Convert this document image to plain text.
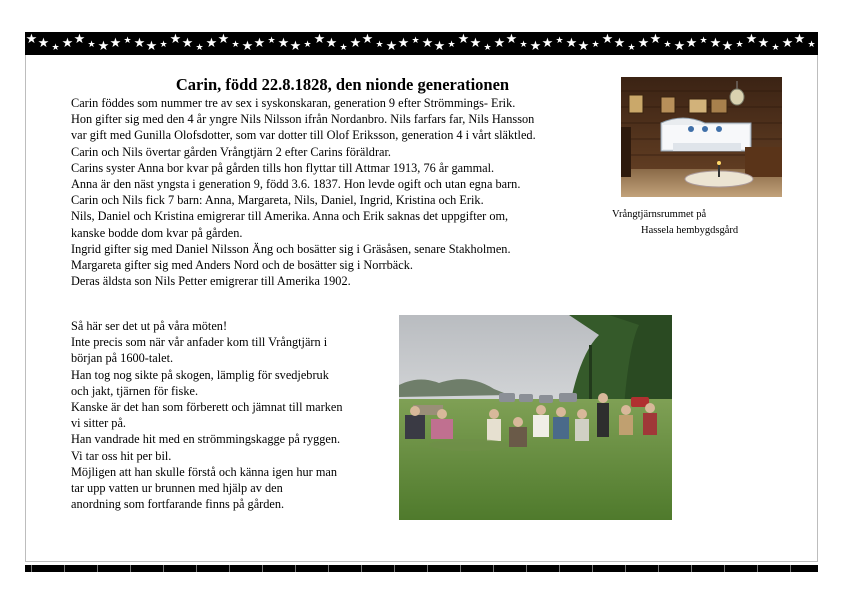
★★ ★ ★★ ★ ★★ ★ ★★ ★ ★★ ★ ★★ ★ ★★ ★ ★★ ★ ★★ ★ ★★ ★ ★★ ★ ★★ ★ ★★ ★ ★★ ★ ★★ ★ ★★ ★ ★★ ★ ★★ ★ ★★ ★ ★★ ★ ★★ ★ ★★ ★ ★★ ★ ★
Carin, född 22.8.1828, den nionde generationen

Carin föddes som nummer tre av sex i syskonskaran, generation 9 efter Strömmings- Erik.

Hon gifter sig med den 4 år yngre Nils Nilsson ifrån Nordanbro. Nils farfars far, Nils Hansson

var gift med Gunilla Olofsdotter, som var dotter till Olof Eriksson, generation 4 i vårt släktled.

Carin och Nils övertar gården Vrångtjärn 2 efter Carins föräldrar.

Carins syster Anna bor kvar på gården tills hon flyttar till Attmar 1913, 76 år gammal.

Anna är den näst yngsta i generation 9, född 3.6. 1837. Hon levde ogift och utan egna barn.

Carin och Nils fick 7 barn: Anna, Margareta, Nils, Daniel, Ingrid, Kristina och Erik.

Nils, Daniel och Kristina emigrerar till Amerika. Anna och Erik saknas det uppgifter om,

kanske bodde dom kvar på gården.

Ingrid gifter sig med Daniel Nilsson Äng och bosätter sig i Gräsåsen, senare Stakholmen.

Margareta gifter sig med Anders Nord och de bosätter sig i Norrbäck.

Deras äldsta son Nils Petter emigrerar till Amerika 1902.

Vrångtjärnsrummet på
Hassela hembygdsgård

Så här ser det ut på våra möten!

Inte precis som när vår anfader kom till Vrångtjärn i

början på 1600-talet.

Han tog nog sikte på skogen, lämplig för svedjebruk

och jakt, tjärnen för fiske.

Kanske är det han som förberett och jämnat till marken

vi sitter på.

Han vandrade hit med en strömmingskagge på ryggen.

Vi tar oss hit per bil.

Möjligen att han skulle förstå och känna igen hur man

tar upp vatten ur brunnen med hjälp av den

anordning som fortfarande finns på gården.
